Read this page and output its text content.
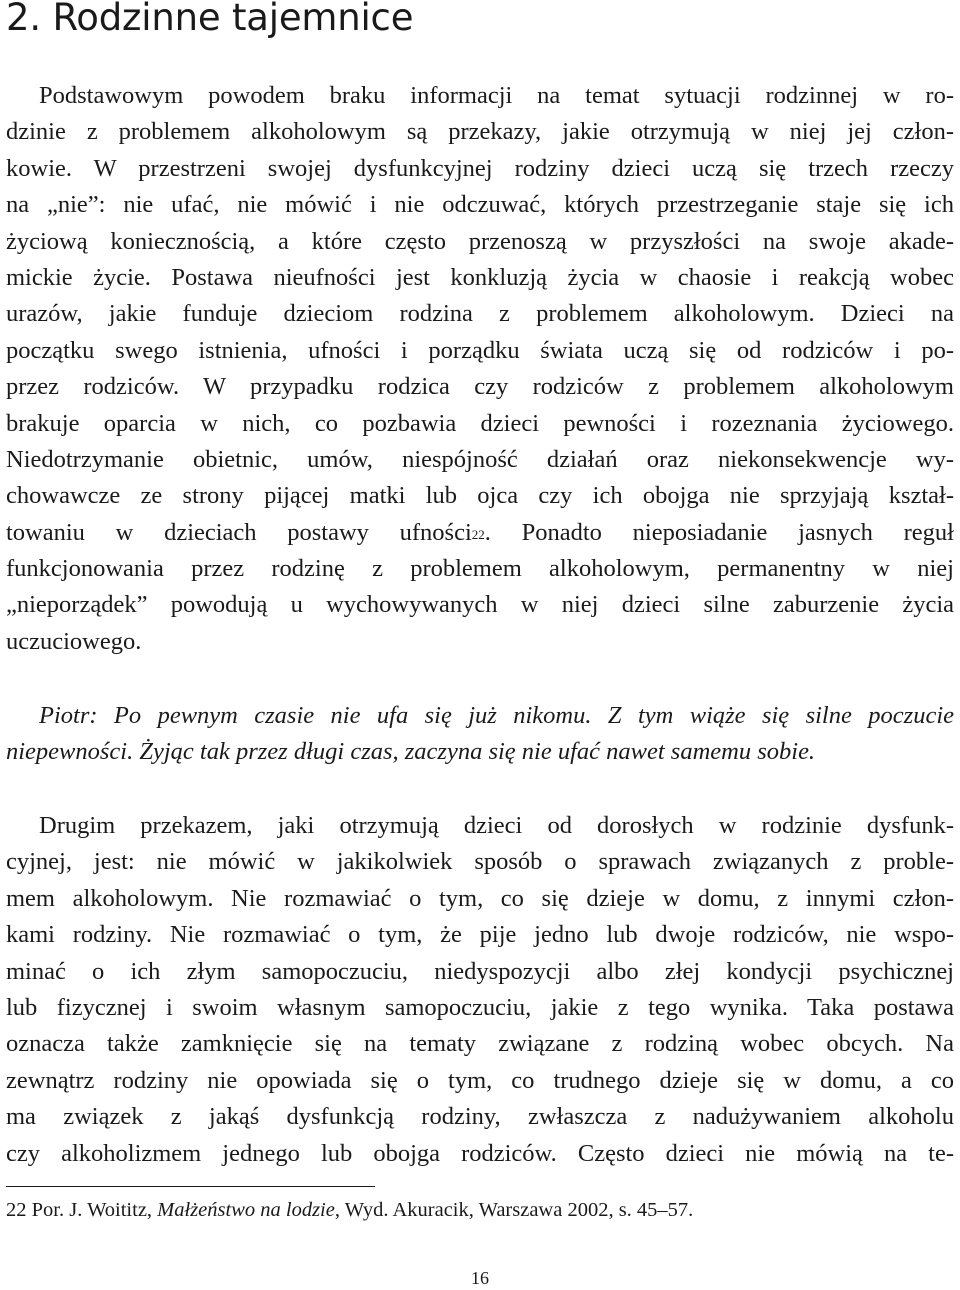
2. Rodzinne tajemnice
Podstawowym powodem braku informacji na temat sytuacji rodzinnej w ro-
dzinie z problemem alkoholowym są przekazy, jakie otrzymują w niej jej człon-
kowie. W przestrzeni swojej dysfunkcyjnej rodziny dzieci uczą się trzech rzeczy
na „nie”: nie ufać, nie mówić i nie odczuwać, których przestrzeganie staje się ich
życiową koniecznością, a które często przenoszą w przyszłości na swoje akade-
mickie życie. Postawa nieufności jest konkluzją życia w chaosie i reakcją wobec
urazów, jakie funduje dzieciom rodzina z problemem alkoholowym. Dzieci na
początku swego istnienia, ufności i porządku świata uczą się od rodziców i po-
przez rodziców. W przypadku rodzica czy rodziców z problemem alkoholowym
brakuje oparcia w nich, co pozbawia dzieci pewności i rozeznania życiowego.
Niedotrzymanie obietnic, umów, niespójność działań oraz niekonsekwencje wy-
chowawcze ze strony pijącej matki lub ojca czy ich obojga nie sprzyjają kształ-
towaniu w dzieciach postawy ufności$^{22}$. Ponadto nieposiadanie jasnych reguł
funkcjonowania przez rodzinę z problemem alkoholowym, permanentny w niej
„nieporządek” powodują u wychowywanych w niej dzieci silne zaburzenie życia
uczuciowego.
Piotr: Po pewnym czasie nie ufa się już nikomu. Z tym wiąże się silne poczucie
niepewności. Żyjąc tak przez długi czas, zaczyna się nie ufać nawet samemu sobie.
Drugim przekazem, jaki otrzymują dzieci od dorosłych w rodzinie dysfunk-
cyjnej, jest: nie mówić w jakikolwiek sposób o sprawach związanych z proble-
mem alkoholowym. Nie rozmawiać o tym, co się dzieje w domu, z innymi człon-
kami rodziny. Nie rozmawiać o tym, że pije jedno lub dwoje rodziców, nie wspo-
minać o ich złym samopoczuciu, niedyspozycji albo złej kondycji psychicznej
lub fizycznej i swoim własnym samopoczuciu, jakie z tego wynika. Taka postawa
oznacza także zamknięcie się na tematy związane z rodziną wobec obcych. Na
zewnątrz rodziny nie opowiada się o tym, co trudnego dzieje się w domu, a co
ma związek z jakąś dysfunkcją rodziny, zwłaszcza z nadużywaniem alkoholu
czy alkoholizmem jednego lub obojga rodziców. Często dzieci nie mówią na te-

22 Por. J. Woititz, Małżeństwo na lodzie, Wyd. Akuracik, Warszawa 2002, s. 45–57.

16
